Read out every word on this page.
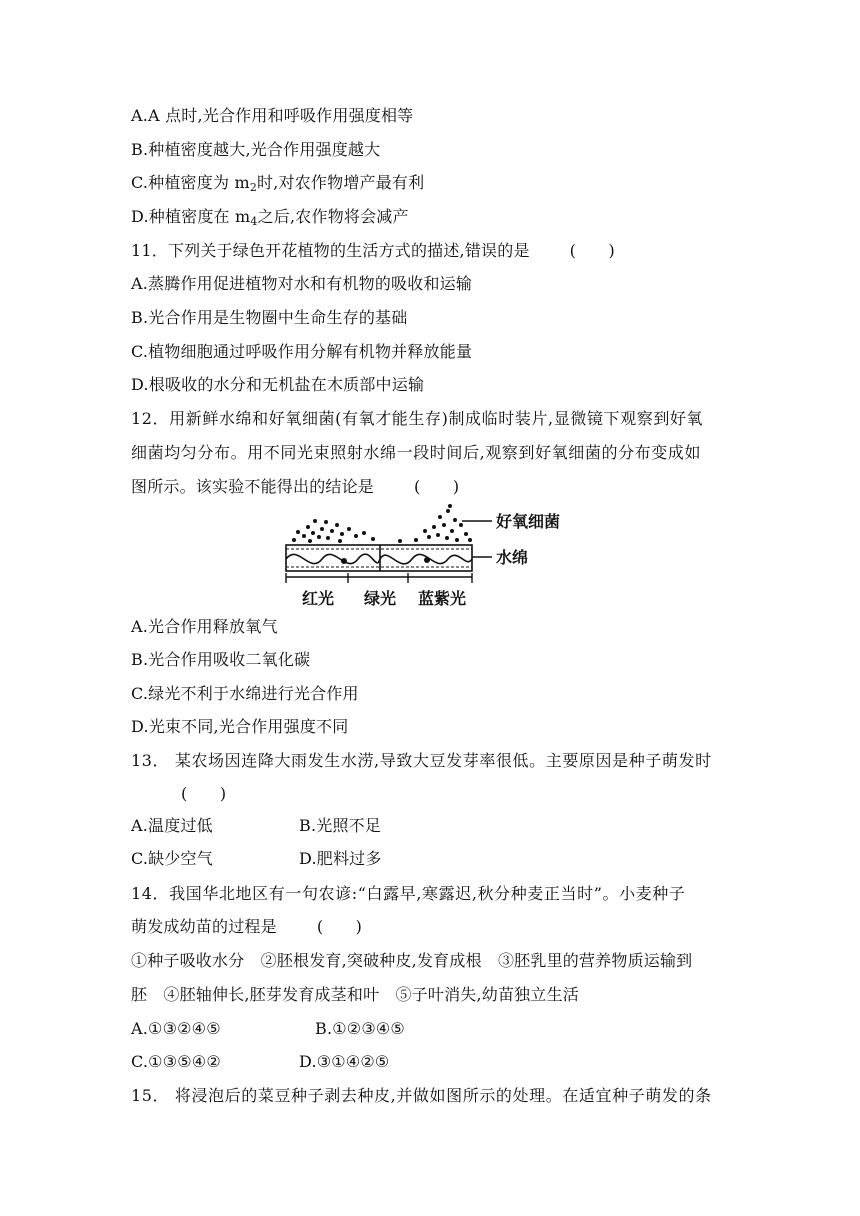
A.A 点时,光合作用和呼吸作用强度相等
B.种植密度越大,光合作用强度越大
C.种植密度为 $m_2$时,对农作物增产最有利
D.种植密度在 $m_4$之后,农作物将会减产
11．下列关于绿色开花植物的生活方式的描述,错误的是	(　　)
A.蒸腾作用促进植物对水和有机物的吸收和运输
B.光合作用是生物圈中生命生存的基础
C.植物细胞通过呼吸作用分解有机物并释放能量
D.根吸收的水分和无机盐在木质部中运输
12．用新鲜水绵和好氧细菌(有氧才能生存)制成临时装片,显微镜下观察到好氧
细菌均匀分布。用不同光束照射水绵一段时间后,观察到好氧细菌的分布变成如
图所示。该实验不能得出的结论是	(　　)
好氧细菌
水绵
红光 绿光 蓝紫光
A.光合作用释放氧气
B.光合作用吸收二氧化碳
C.绿光不利于水绵进行光合作用
D.光束不同,光合作用强度不同
13． 某农场因连降大雨发生水涝,导致大豆发芽率很低。主要原因是种子萌发时
(　　)
A.温度过低	B.光照不足
C.缺少空气	D.肥料过多
14．我国华北地区有一句农谚:“白露早,寒露迟,秋分种麦正当时”。小麦种子
萌发成幼苗的过程是	(　　)
①种子吸收水分　②胚根发育,突破种皮,发育成根　③胚乳里的营养物质运输到
胚　④胚轴伸长,胚芽发育成茎和叶　⑤子叶消失,幼苗独立生活
A.①③②④⑤	B.①②③④⑤
C.①③⑤④②	D.③①④②⑤
15． 将浸泡后的菜豆种子剥去种皮,并做如图所示的处理。在适宜种子萌发的条
